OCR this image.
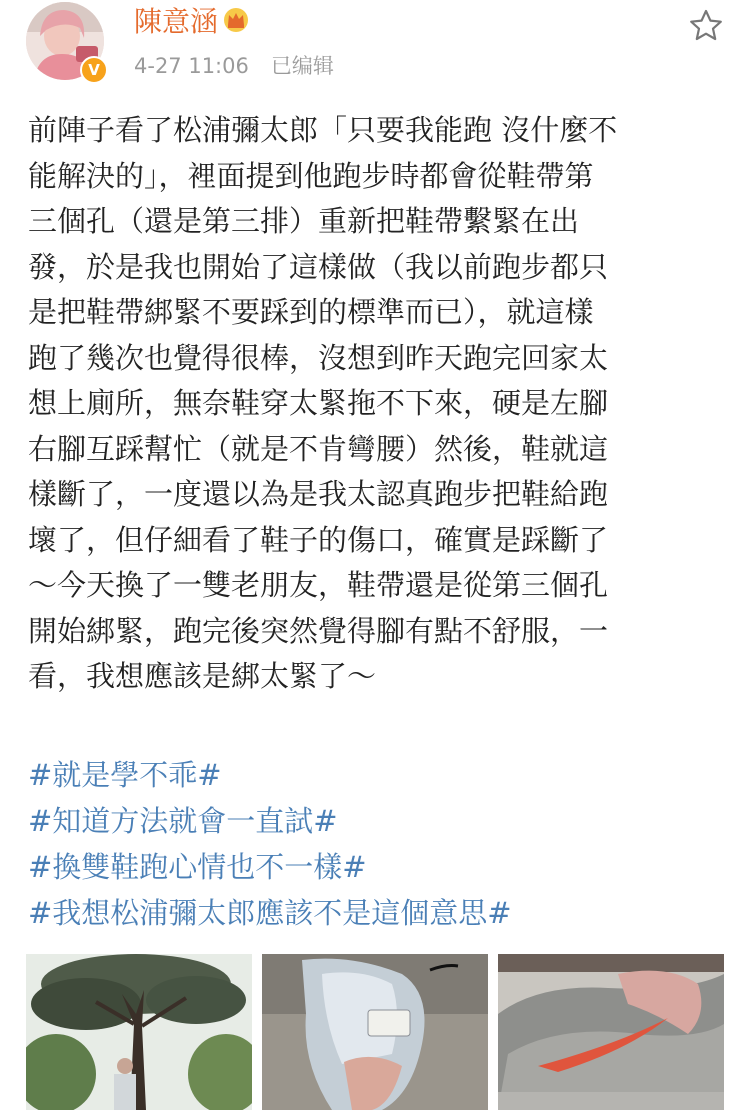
V
陳意涵
4-27 11:06 已编辑

前陣子看了松浦彌太郎「只要我能跑 沒什麼不
能解決的」，裡面提到他跑步時都會從鞋帶第
三個孔（還是第三排）重新把鞋帶繫緊在出
發，於是我也開始了這樣做（我以前跑步都只
是把鞋帶綁緊不要踩到的標準而已），就這樣
跑了幾次也覺得很棒，沒想到昨天跑完回家太
想上廁所，無奈鞋穿太緊拖不下來，硬是左腳
右腳互踩幫忙（就是不肯彎腰）然後，鞋就這
樣斷了，一度還以為是我太認真跑步把鞋給跑
壞了，但仔細看了鞋子的傷口，確實是踩斷了
～今天換了一雙老朋友，鞋帶還是從第三個孔
開始綁緊，跑完後突然覺得腳有點不舒服，一
看，我想應該是綁太緊了～

#就是學不乖#
#知道方法就會一直試#
#換雙鞋跑心情也不一樣#
#我想松浦彌太郎應該不是這個意思#
